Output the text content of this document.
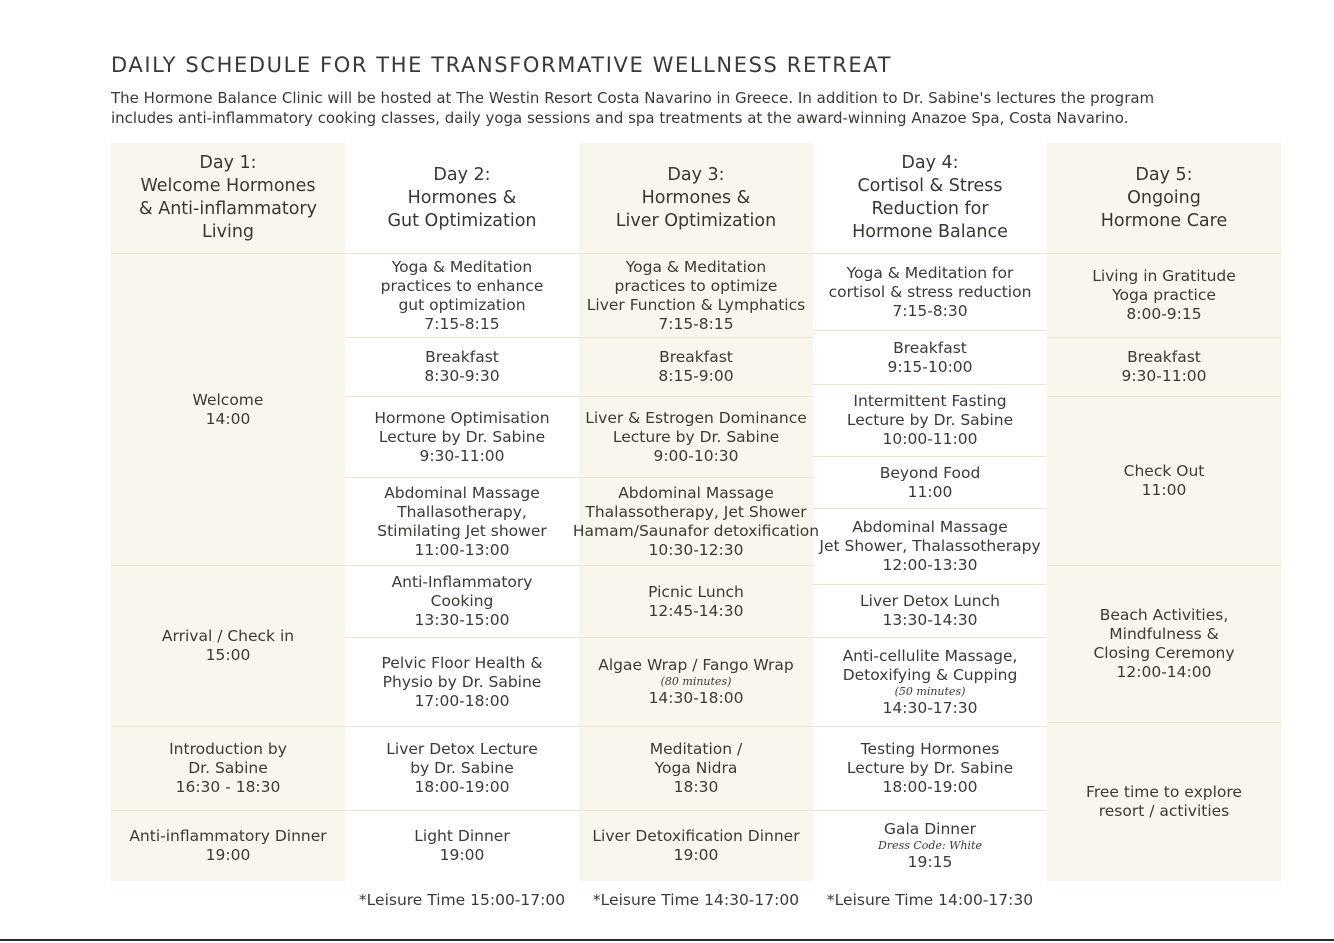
DAILY SCHEDULE FOR THE TRANSFORMATIVE WELLNESS RETREAT
The Hormone Balance Clinic will be hosted at The Westin Resort Costa Navarino in Greece. In addition to Dr. Sabine's lectures the program
includes anti-inflammatory cooking classes, daily yoga sessions and spa treatments at the award-winning Anazoe Spa, Costa Navarino.
Day 1:
Welcome Hormones
& Anti-inflammatory
Living
Welcome
14:00
Arrival / Check in
15:00
Introduction by
Dr. Sabine
16:30 - 18:30
Anti-inflammatory Dinner
19:00
Day 2:
Hormones &
Gut Optimization
Yoga & Meditation
practices to enhance
gut optimization
7:15-8:15
Breakfast
8:30-9:30
Hormone Optimisation
Lecture by Dr. Sabine
9:30-11:00
Abdominal Massage
Thallasotherapy,
Stimilating Jet shower
11:00-13:00
Anti-Inflammatory
Cooking
13:30-15:00
Pelvic Floor Health &
Physio by Dr. Sabine
17:00-18:00
Liver Detox Lecture
by Dr. Sabine
18:00-19:00
Light Dinner
19:00
*Leisure Time 15:00-17:00
Day 3:
Hormones &
Liver Optimization
Yoga & Meditation
practices to optimize
Liver Function & Lymphatics
7:15-8:15
Breakfast
8:15-9:00
Liver & Estrogen Dominance
Lecture by Dr. Sabine
9:00-10:30
Abdominal Massage
Thalassotherapy, Jet Shower
Hamam/Saunafor detoxification
10:30-12:30
Picnic Lunch
12:45-14:30
Algae Wrap / Fango Wrap
(80 minutes)
14:30-18:00
Meditation /
Yoga Nidra
18:30
Liver Detoxification Dinner
19:00
*Leisure Time 14:30-17:00
Day 4:
Cortisol & Stress
Reduction for
Hormone Balance
Yoga & Meditation for
cortisol & stress reduction
7:15-8:30
Breakfast
9:15-10:00
Intermittent Fasting
Lecture by Dr. Sabine
10:00-11:00
Beyond Food
11:00
Abdominal Massage
Jet Shower, Thalassotherapy
12:00-13:30
Liver Detox Lunch
13:30-14:30
Anti-cellulite Massage,
Detoxifying & Cupping
(50 minutes)
14:30-17:30
Testing Hormones
Lecture by Dr. Sabine
18:00-19:00
Gala Dinner
Dress Code: White
19:15
*Leisure Time 14:00-17:30
Day 5:
Ongoing
Hormone Care
Living in Gratitude
Yoga practice
8:00-9:15
Breakfast
9:30-11:00
Check Out
11:00
Beach Activities,
Mindfulness &
Closing Ceremony
12:00-14:00
Free time to explore
resort / activities
